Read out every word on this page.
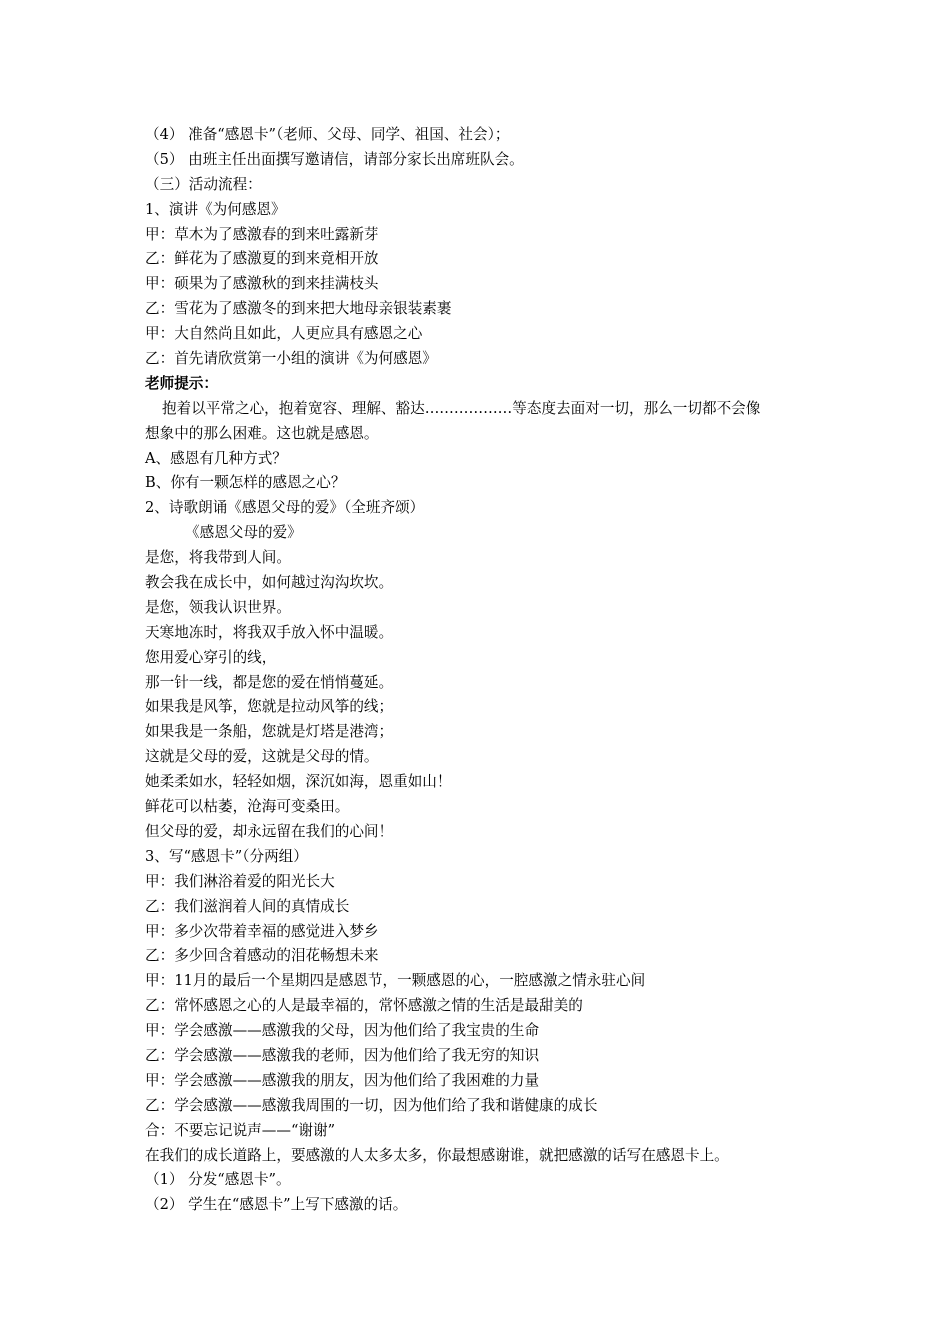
（4） 准备“感恩卡”（老师、父母、同学、祖国、社会）；
（5） 由班主任出面撰写邀请信，请部分家长出席班队会。
（三）活动流程：
1、演讲《为何感恩》
甲：草木为了感激春的到来吐露新芽
乙：鲜花为了感激夏的到来竟相开放
甲：硕果为了感激秋的到来挂满枝头
乙：雪花为了感激冬的到来把大地母亲银装素裹
甲：大自然尚且如此，人更应具有感恩之心
乙：首先请欣赏第一小组的演讲《为何感恩》
老师提示：
抱着以平常之心，抱着宽容、理解、豁达………………等态度去面对一切，那么一切都不会像
想象中的那么困难。这也就是感恩。
A、感恩有几种方式？
B、你有一颗怎样的感恩之心？
2、诗歌朗诵《感恩父母的爱》（全班齐颂）
《感恩父母的爱》
是您，将我带到人间。
教会我在成长中，如何越过沟沟坎坎。
是您，领我认识世界。
天寒地冻时，将我双手放入怀中温暖。
您用爱心穿引的线，
那一针一线，都是您的爱在悄悄蔓延。
如果我是风筝，您就是拉动风筝的线；
如果我是一条船，您就是灯塔是港湾；
这就是父母的爱，这就是父母的情。
她柔柔如水，轻轻如烟，深沉如海，恩重如山！
鲜花可以枯萎，沧海可变桑田。
但父母的爱，却永远留在我们的心间！
3、写“感恩卡”（分两组）
甲：我们淋浴着爱的阳光长大
乙：我们滋润着人间的真情成长
甲：多少次带着幸福的感觉进入梦乡
乙：多少回含着感动的泪花畅想未来
甲：11月的最后一个星期四是感恩节，一颗感恩的心，一腔感激之情永驻心间
乙：常怀感恩之心的人是最幸福的，常怀感激之情的生活是最甜美的
甲：学会感激——感激我的父母，因为他们给了我宝贵的生命
乙：学会感激——感激我的老师，因为他们给了我无穷的知识
甲：学会感激——感激我的朋友，因为他们给了我困难的力量
乙：学会感激——感激我周围的一切，因为他们给了我和谐健康的成长
合：不要忘记说声——“谢谢”
在我们的成长道路上，要感激的人太多太多，你最想感谢谁，就把感激的话写在感恩卡上。
（1） 分发“感恩卡”。
（2） 学生在“感恩卡”上写下感激的话。
